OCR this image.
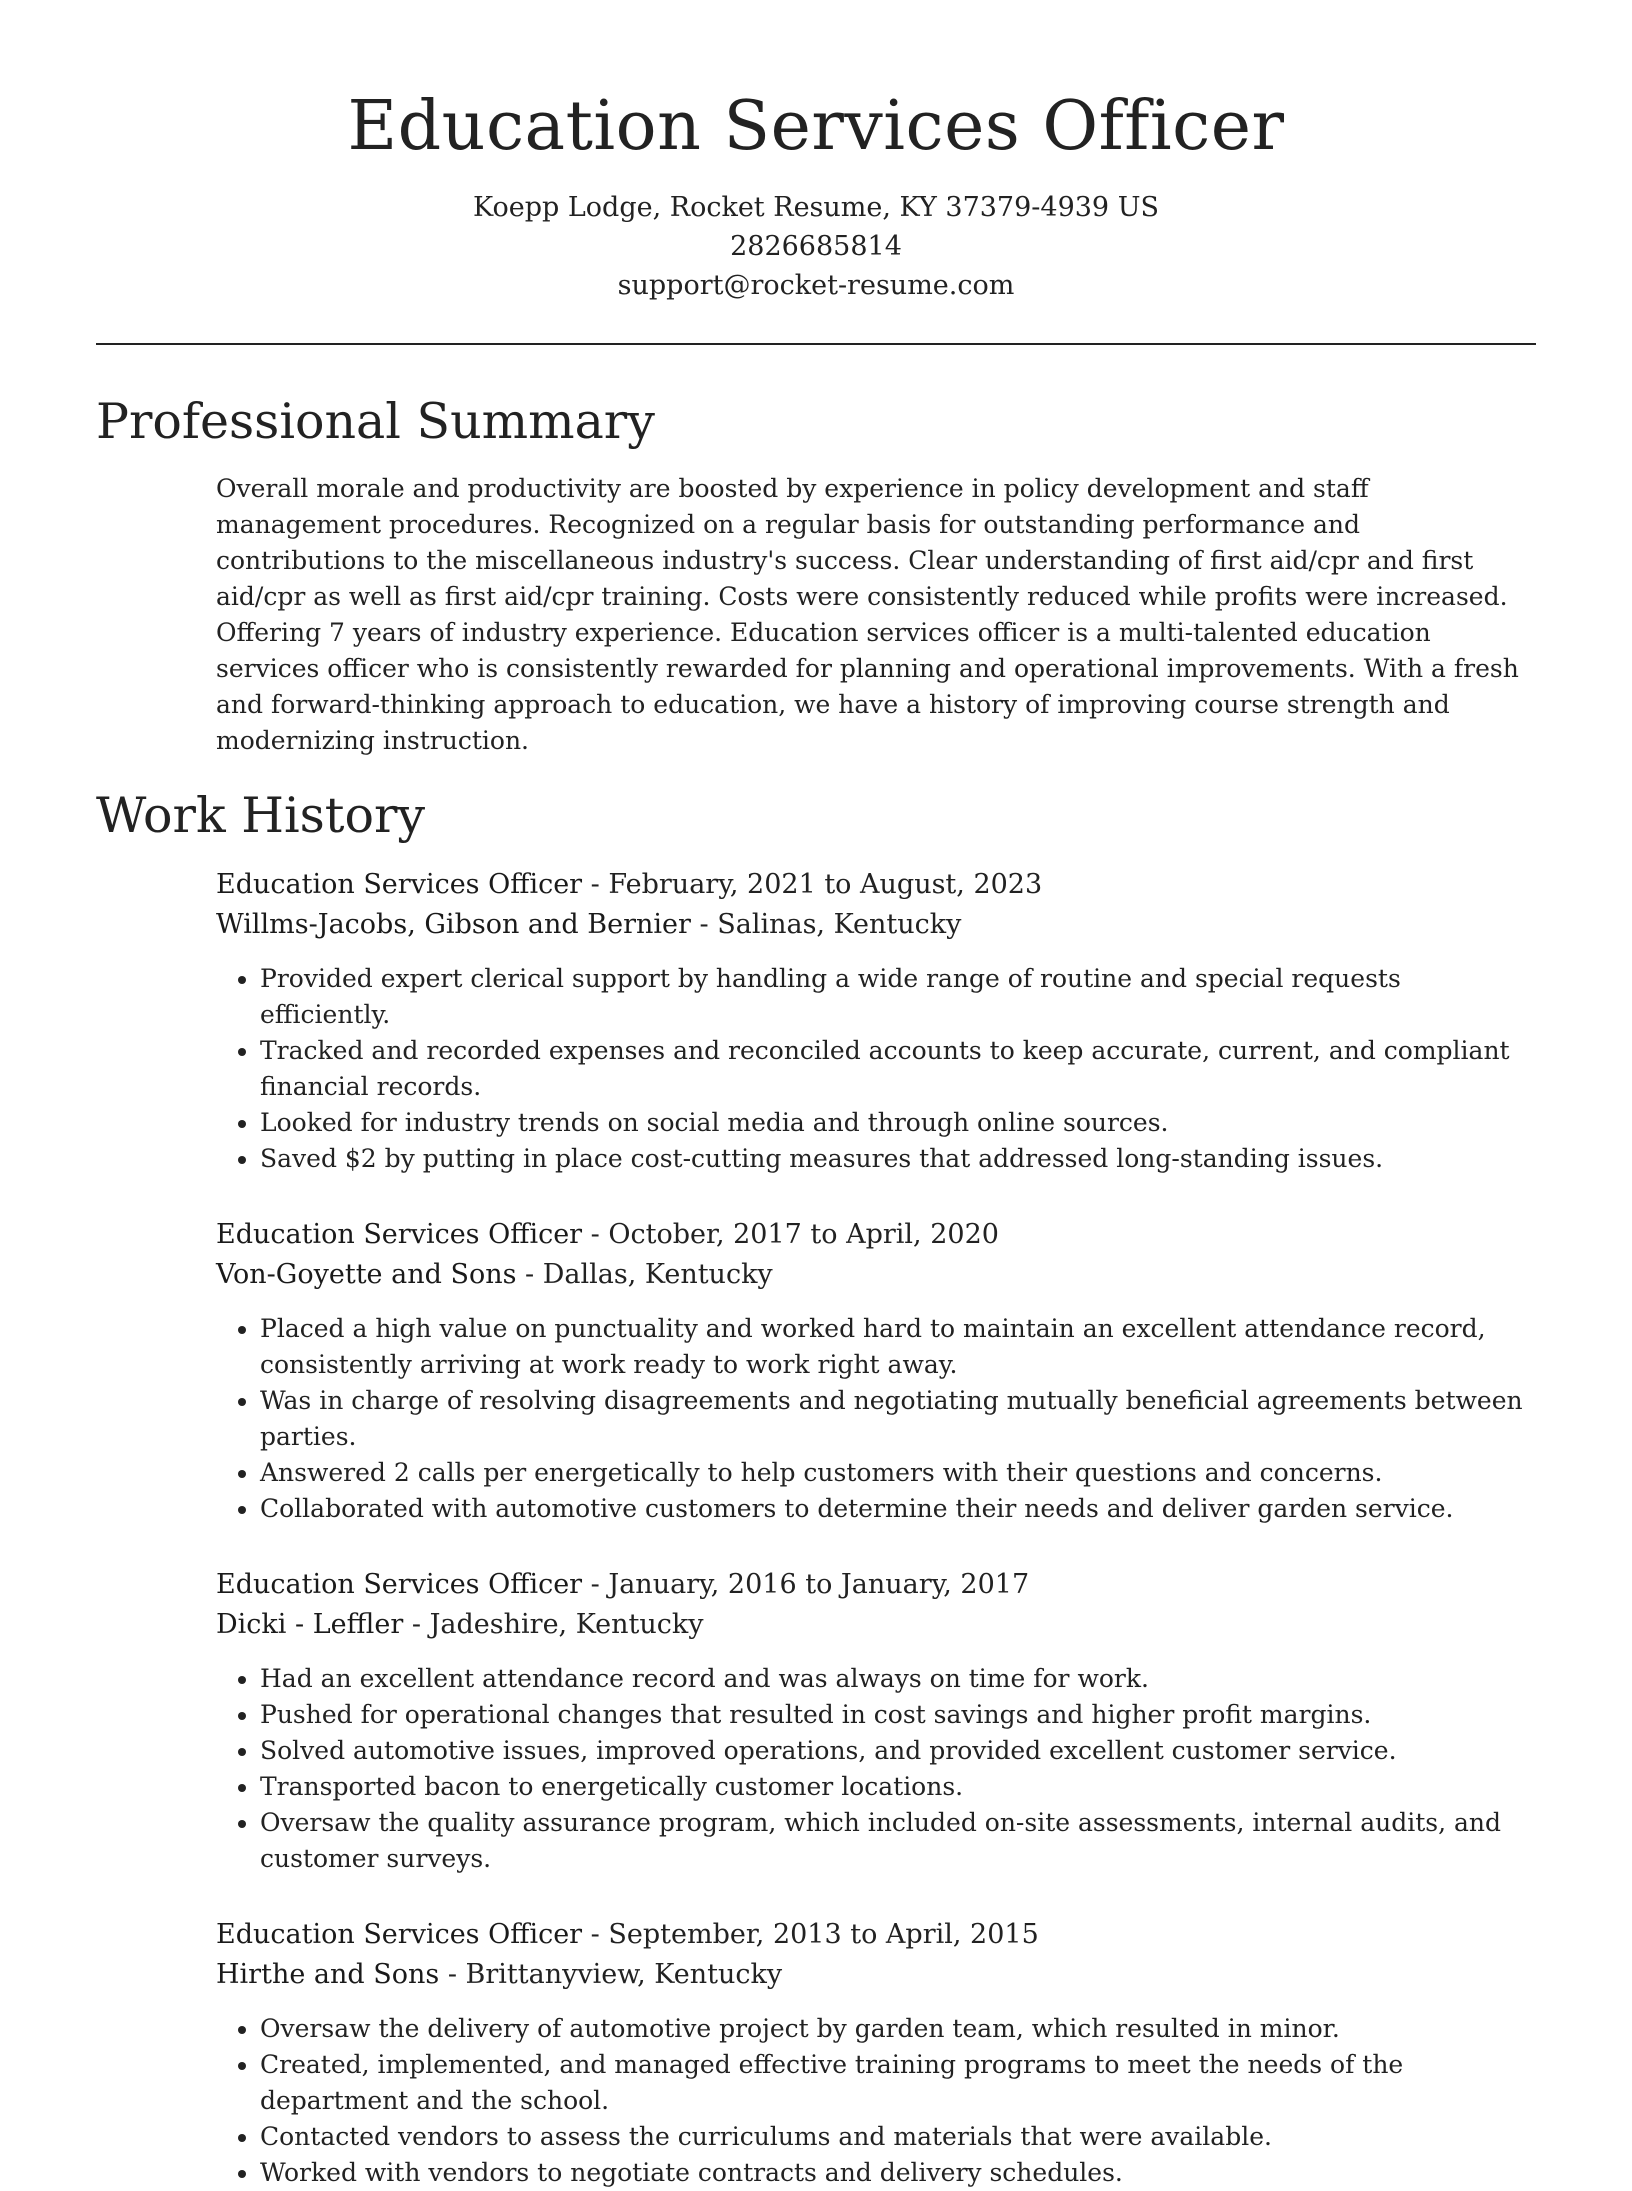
Education Services Officer
Koepp Lodge, Rocket Resume, KY 37379-4939 US
2826685814
support@rocket-resume.com
Professional Summary

Overall morale and productivity are boosted by experience in policy development and staff management procedures. Recognized on a regular basis for outstanding performance and contributions to the miscellaneous industry's success. Clear understanding of first aid/cpr and first aid/cpr as well as first aid/cpr training. Costs were consistently reduced while profits were increased. Offering 7 years of industry experience. Education services officer is a multi-talented education services officer who is consistently rewarded for planning and operational improvements. With a fresh and forward-thinking approach to education, we have a history of improving course strength and modernizing instruction.

Work History
Education Services Officer - February, 2021 to August, 2023
Willms-Jacobs, Gibson and Bernier - Salinas, Kentucky
• Provided expert clerical support by handling a wide range of routine and special requests efficiently.
• Tracked and recorded expenses and reconciled accounts to keep accurate, current, and compliant financial records.
• Looked for industry trends on social media and through online sources.
• Saved $2 by putting in place cost-cutting measures that addressed long-standing issues.
Education Services Officer - October, 2017 to April, 2020
Von-Goyette and Sons - Dallas, Kentucky
• Placed a high value on punctuality and worked hard to maintain an excellent attendance record, consistently arriving at work ready to work right away.
• Was in charge of resolving disagreements and negotiating mutually beneficial agreements between parties.
• Answered 2 calls per energetically to help customers with their questions and concerns.
• Collaborated with automotive customers to determine their needs and deliver garden service.
Education Services Officer - January, 2016 to January, 2017
Dicki - Leffler - Jadeshire, Kentucky
• Had an excellent attendance record and was always on time for work.
• Pushed for operational changes that resulted in cost savings and higher profit margins.
• Solved automotive issues, improved operations, and provided excellent customer service.
• Transported bacon to energetically customer locations.
• Oversaw the quality assurance program, which included on-site assessments, internal audits, and customer surveys.
Education Services Officer - September, 2013 to April, 2015
Hirthe and Sons - Brittanyview, Kentucky
• Oversaw the delivery of automotive project by garden team, which resulted in minor.
• Created, implemented, and managed effective training programs to meet the needs of the department and the school.
• Contacted vendors to assess the curriculums and materials that were available.
• Worked with vendors to negotiate contracts and delivery schedules.
